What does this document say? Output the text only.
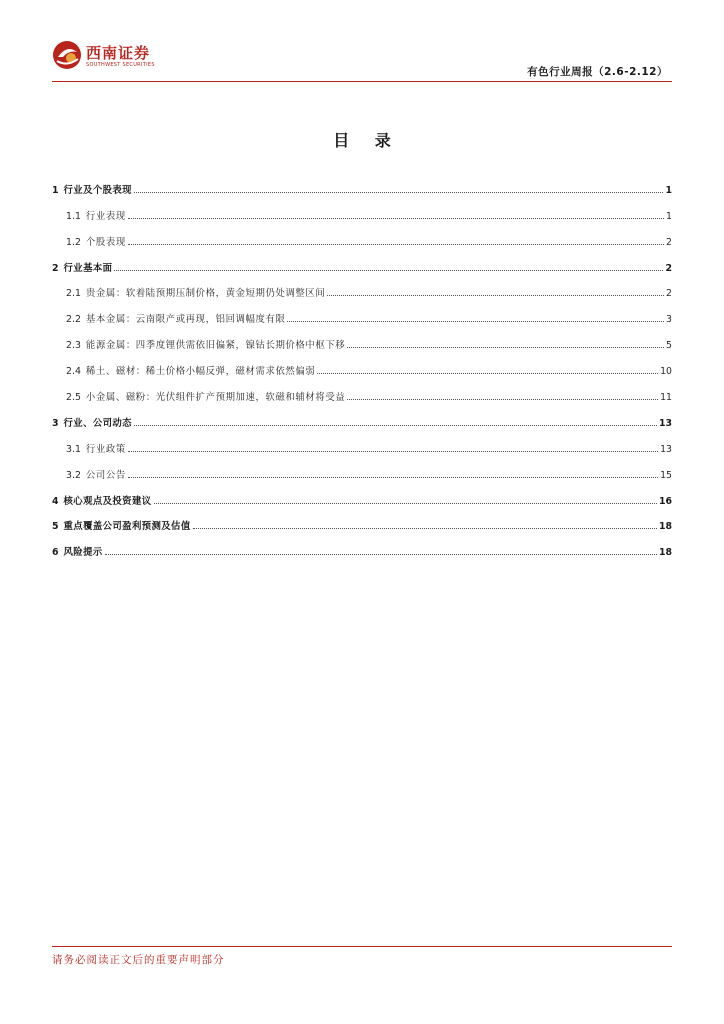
西南证券
SOUTHWEST SECURITIES
有色行业周报（2.6-2.12）
目 录
1 行业及个股表现	1
1.1 行业表现	1
1.2 个股表现	2
2 行业基本面	2
2.1 贵金属：软着陆预期压制价格，黄金短期仍处调整区间	2
2.2 基本金属：云南限产或再现，铝回调幅度有限	3
2.3 能源金属：四季度锂供需依旧偏紧，镍钴长期价格中枢下移	5
2.4 稀土、磁材：稀土价格小幅反弹，磁材需求依然偏弱	10
2.5 小金属、磁粉：光伏组件扩产预期加速，软磁和辅材将受益	11
3 行业、公司动态	13
3.1 行业政策	13
3.2 公司公告	15
4 核心观点及投资建议	16
5 重点覆盖公司盈利预测及估值	18
6 风险提示	18
请务必阅读正文后的重要声明部分
